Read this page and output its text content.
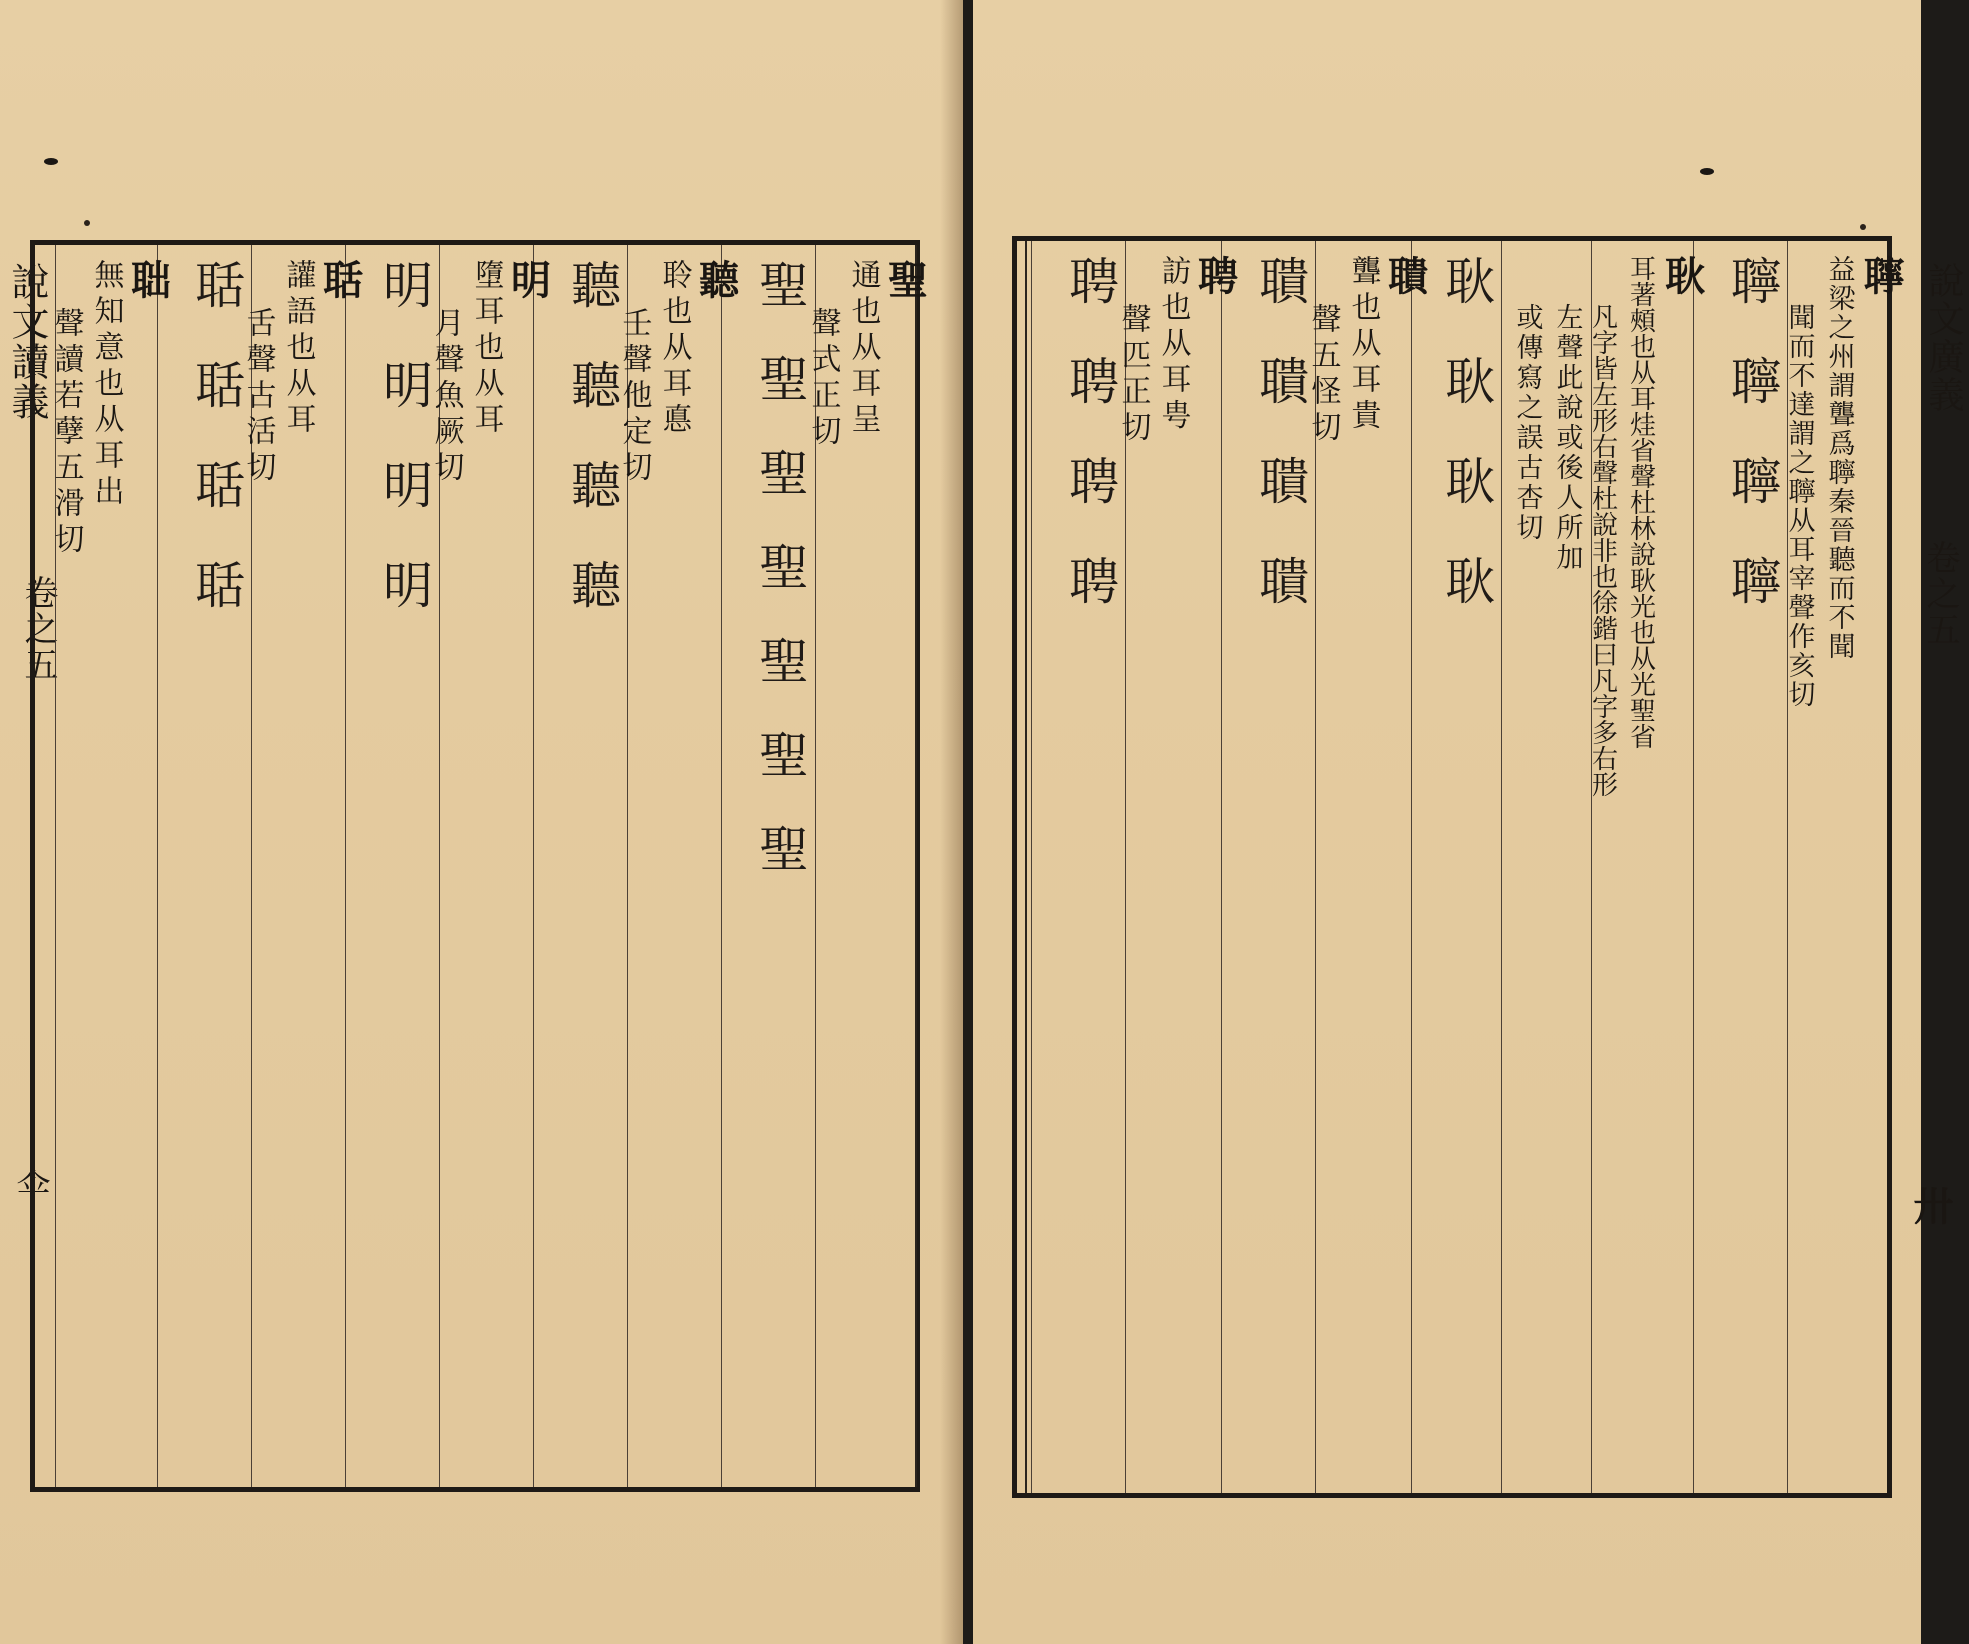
說文讀義
卷之五
伞
聖
通也从耳呈
聲式正切
聖聖聖聖聖聖聖
聽
聆也从耳悳
壬聲他定切
聽聽聽聽
明
墮耳也从耳
月聲魚厥切
明明明明
聒
讙語也从耳
舌聲古活切
聒聒聒聒
聉
無知意也从耳出
聲讀若孽五滑切
聹
益梁之州謂聾爲聹秦晉聽而不聞
聞而不達謂之聹从耳宰聲作亥切
聹聹聹聹
耿
耳著頰也从耳烓省聲杜林說耿光也从光聖省
凡字皆左形右聲杜說非也徐鍇曰凡字多右形
左聲此說或後人所加
或傳寫之誤古杏切
耿耿耿耿
聵
聾也从耳貴
聲五怪切
聵聵聵聵
聘
訪也从耳甹
聲匹正切
聘聘聘聘	說文廣義
卷之五
卅
